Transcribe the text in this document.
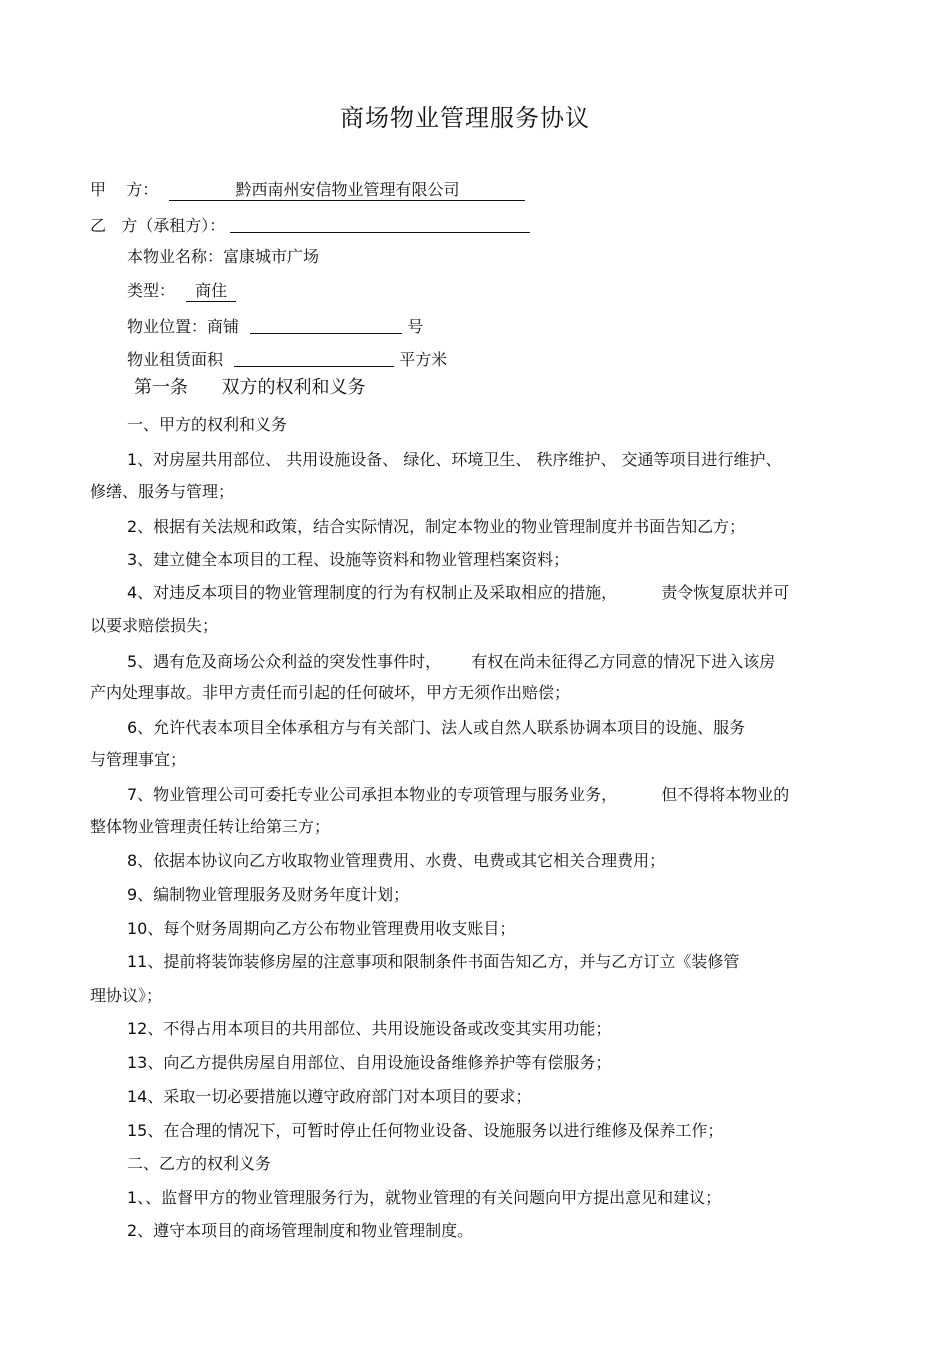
商场物业管理服务协议
甲    方：	黔西南州安信物业管理有限公司
乙   方（承租方）：
本物业名称：富康城市广场
类型： 商住
物业位置：商铺	号
物业租赁面积	平方米
第一条 双方的权利和义务
一、甲方的权利和义务
1、对房屋共用部位、 共用设施设备、 绿化、环境卫生、 秩序维护、 交通等项目进行维护、
修缮、服务与管理；
2、根据有关法规和政策，结合实际情况，制定本物业的物业管理制度并书面告知乙方；
3、建立健全本项目的工程、设施等资料和物业管理档案资料；
4、对违反本项目的物业管理制度的行为有权制止及采取相应的措施，	责令恢复原状并可
以要求赔偿损失；
5、遇有危及商场公众利益的突发性事件时， 有权在尚未征得乙方同意的情况下进入该房
产内处理事故。非甲方责任而引起的任何破坏，甲方无须作出赔偿；
6、允许代表本项目全体承租方与有关部门、法人或自然人联系协调本项目的设施、服务
与管理事宜；
7、物业管理公司可委托专业公司承担本物业的专项管理与服务业务，	但不得将本物业的
整体物业管理责任转让给第三方；
8、依据本协议向乙方收取物业管理费用、水费、电费或其它相关合理费用；
9、编制物业管理服务及财务年度计划；
10、每个财务周期向乙方公布物业管理费用收支账目；
11、提前将装饰装修房屋的注意事项和限制条件书面告知乙方，并与乙方订立《装修管
理协议》；
12、不得占用本项目的共用部位、共用设施设备或改变其实用功能；
13、向乙方提供房屋自用部位、自用设施设备维修养护等有偿服务；
14、采取一切必要措施以遵守政府部门对本项目的要求；
15、在合理的情况下，可暂时停止任何物业设备、设施服务以进行维修及保养工作；
二、乙方的权利义务
1、、监督甲方的物业管理服务行为，就物业管理的有关问题向甲方提出意见和建议；
2、遵守本项目的商场管理制度和物业管理制度。
